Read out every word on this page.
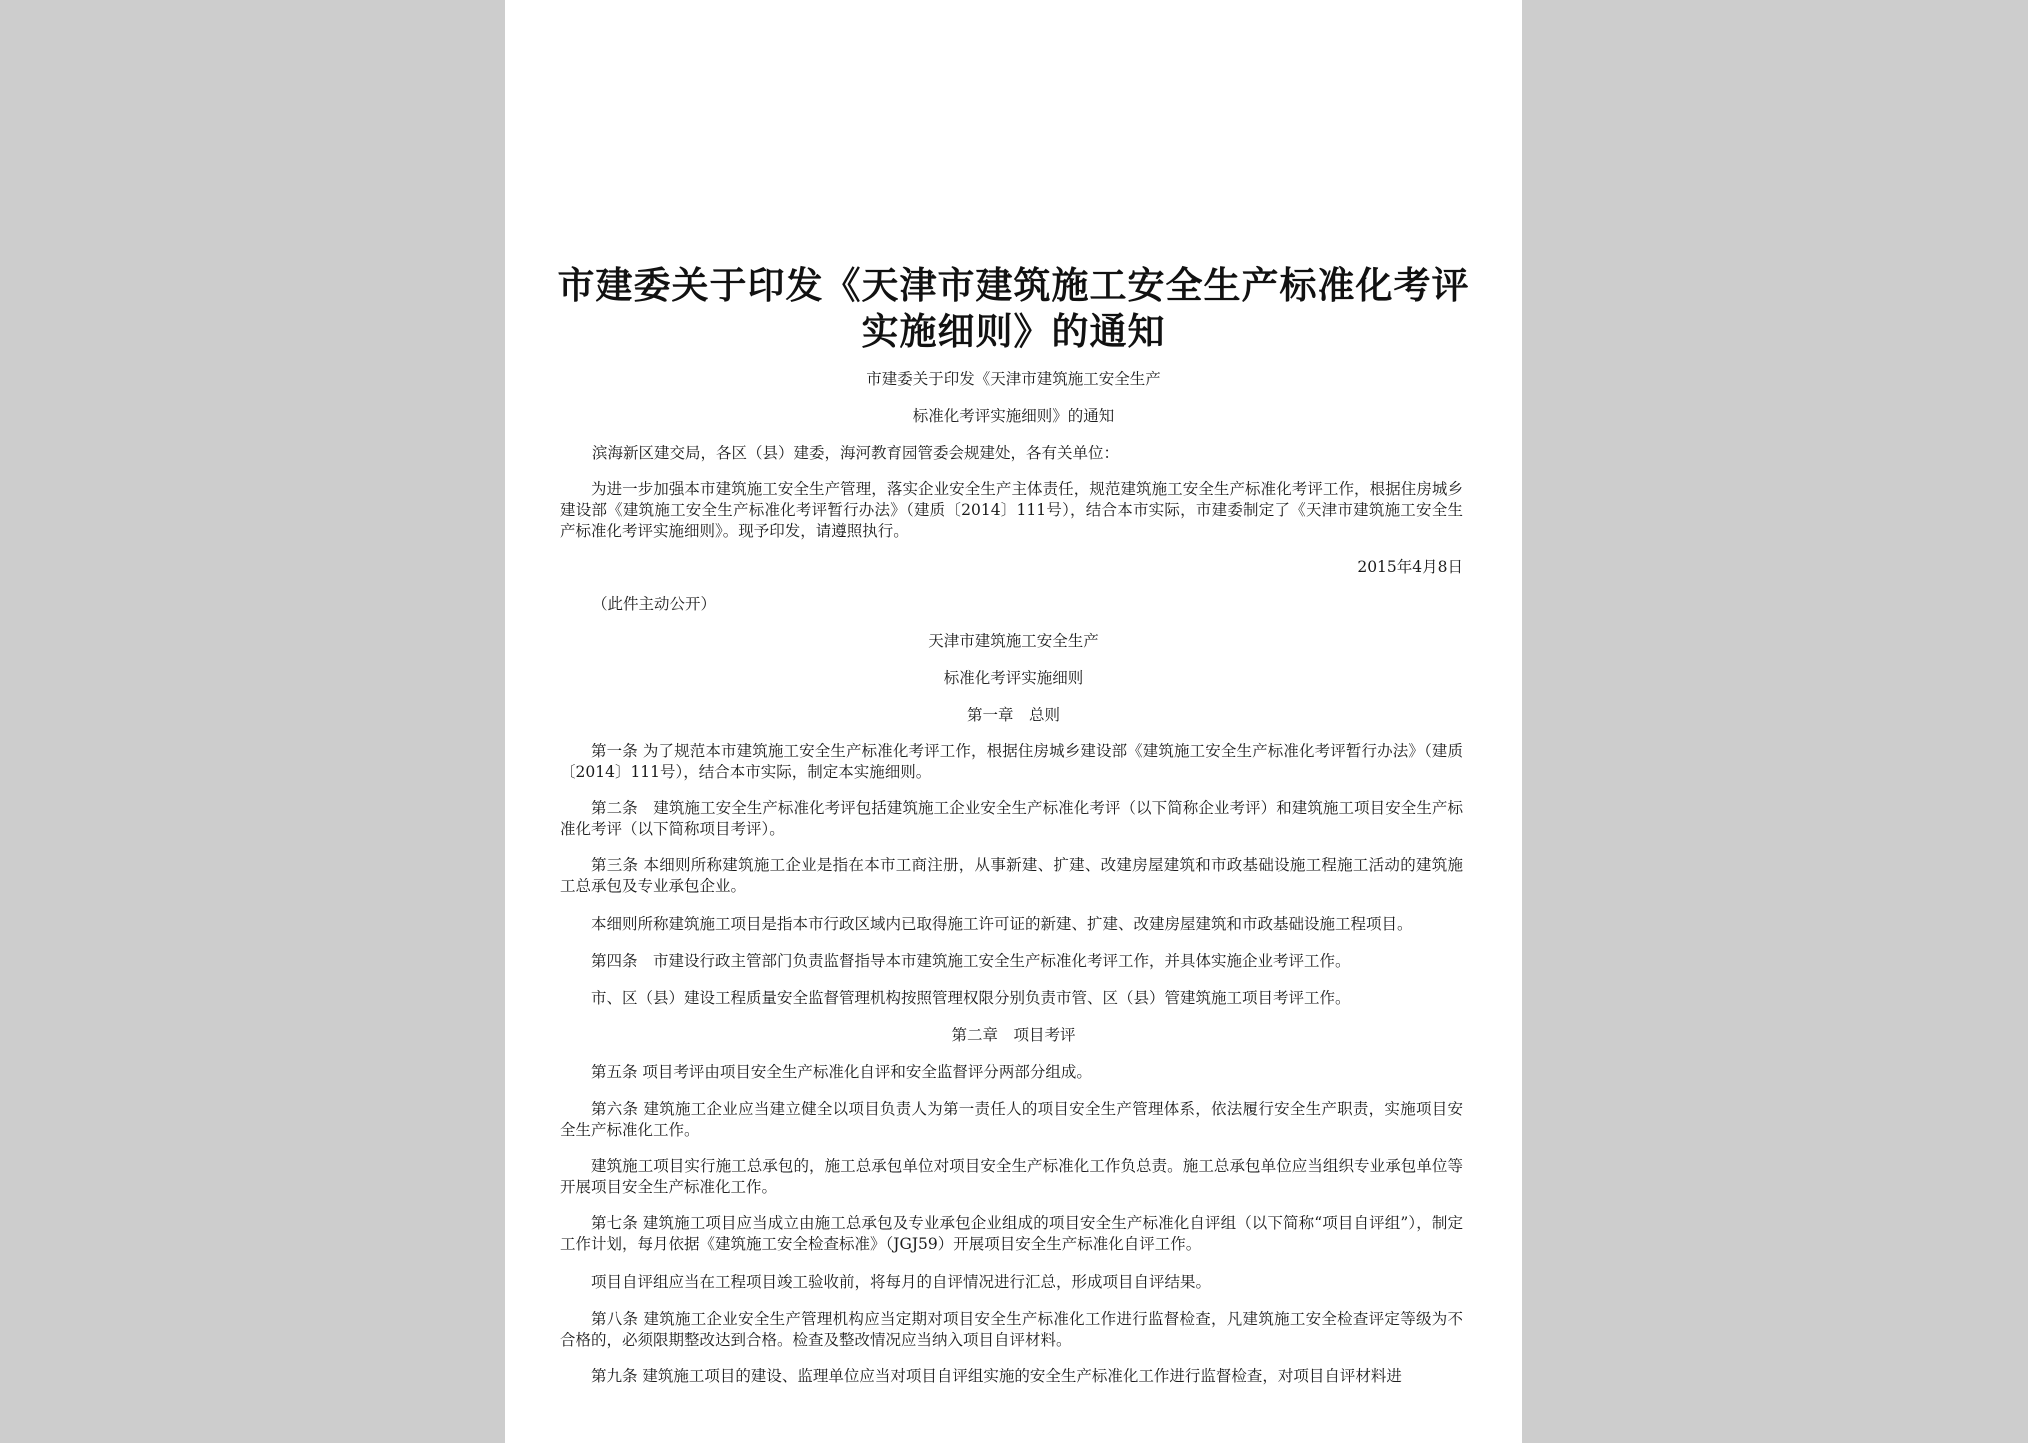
市建委关于印发《天津市建筑施工安全生产标准化考评
实施细则》的通知
市建委关于印发《天津市建筑施工安全生产
标准化考评实施细则》的通知
滨海新区建交局，各区（县）建委，海河教育园管委会规建处，各有关单位：
为进一步加强本市建筑施工安全生产管理，落实企业安全生产主体责任，规范建筑施工安全生产标准化考评工作，根据住房城乡建设部《建筑施工安全生产标准化考评暂行办法》（建质〔2014〕111号），结合本市实际，市建委制定了《天津市建筑施工安全生产标准化考评实施细则》。现予印发，请遵照执行。
2015年4月8日
（此件主动公开）
天津市建筑施工安全生产
标准化考评实施细则
第一章　总则
第一条 为了规范本市建筑施工安全生产标准化考评工作，根据住房城乡建设部《建筑施工安全生产标准化考评暂行办法》（建质〔2014〕111号），结合本市实际，制定本实施细则。
第二条　建筑施工安全生产标准化考评包括建筑施工企业安全生产标准化考评（以下简称企业考评）和建筑施工项目安全生产标准化考评（以下简称项目考评）。
第三条 本细则所称建筑施工企业是指在本市工商注册，从事新建、扩建、改建房屋建筑和市政基础设施工程施工活动的建筑施工总承包及专业承包企业。
本细则所称建筑施工项目是指本市行政区域内已取得施工许可证的新建、扩建、改建房屋建筑和市政基础设施工程项目。
第四条　市建设行政主管部门负责监督指导本市建筑施工安全生产标准化考评工作，并具体实施企业考评工作。
市、区（县）建设工程质量安全监督管理机构按照管理权限分别负责市管、区（县）管建筑施工项目考评工作。
第二章　项目考评
第五条 项目考评由项目安全生产标准化自评和安全监督评分两部分组成。
第六条 建筑施工企业应当建立健全以项目负责人为第一责任人的项目安全生产管理体系，依法履行安全生产职责，实施项目安全生产标准化工作。
建筑施工项目实行施工总承包的，施工总承包单位对项目安全生产标准化工作负总责。施工总承包单位应当组织专业承包单位等开展项目安全生产标准化工作。
第七条 建筑施工项目应当成立由施工总承包及专业承包企业组成的项目安全生产标准化自评组（以下简称“项目自评组”），制定工作计划，每月依据《建筑施工安全检查标准》（JGJ59）开展项目安全生产标准化自评工作。
项目自评组应当在工程项目竣工验收前，将每月的自评情况进行汇总，形成项目自评结果。
第八条 建筑施工企业安全生产管理机构应当定期对项目安全生产标准化工作进行监督检查，凡建筑施工安全检查评定等级为不合格的，必须限期整改达到合格。检查及整改情况应当纳入项目自评材料。
第九条 建筑施工项目的建设、监理单位应当对项目自评组实施的安全生产标准化工作进行监督检查，对项目自评材料进
